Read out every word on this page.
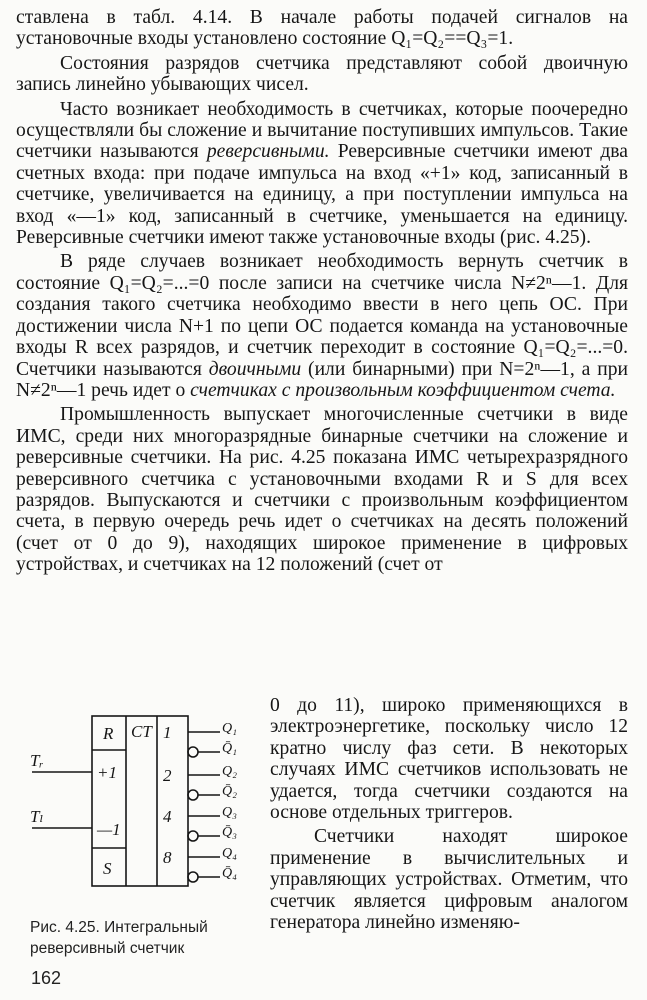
ставлена в табл. 4.14. В начале работы подачей сигналов на установочные входы установлено состояние Q₁=Q₂==Q₃=1.

Состояния разрядов счетчика представляют собой двоичную запись линейно убывающих чисел.

Часто возникает необходимость в счетчиках, которые поочередно осуществляли бы сложение и вычитание поступивших импульсов. Такие счетчики называются реверсивными. Реверсивные счетчики имеют два счетных входа: при подаче импульса на вход «+1» код, записанный в счетчике, увеличивается на единицу, а при поступлении импульса на вход «—1» код, записанный в счетчике, уменьшается на единицу. Реверсивные счетчики имеют также установочные входы (рис. 4.25).

В ряде случаев возникает необходимость вернуть счетчик в состояние Q₁=Q₂=...=0 после записи на счетчике числа N≠2ⁿ—1. Для создания такого счетчика необходимо ввести в него цепь ОС. При достижении числа N+1 по цепи ОС подается команда на установочные входы R всех разрядов, и счетчик переходит в состояние Q₁=Q₂=...=0. Счетчики называются двоичными (или бинарными) при N=2ⁿ—1, а при N≠2ⁿ—1 речь идет о счетчиках с произвольным коэффициентом счета.

Промышленность выпускает многочисленные счетчики в виде ИМС, среди них многоразрядные бинарные счетчики на сложение и реверсивные счетчики. На рис. 4.25 показана ИМС четырехразрядного реверсивного счетчика с установочными входами R и S для всех разрядов. Выпускаются и счетчики с произвольным коэффициентом счета, в первую очередь речь идет о счетчиках на десять положений (счет от 0 до 9), находящих широкое применение в цифровых устройствах, и счетчиках на 12 положений (счет от

R CT
+1
—1
S
Tᵣ
Tₗ
1
2
4
8
Q₁
Q̄₁
Q₂
Q̄₂
Q₃
Q̄₃
Q₄
Q̄₄
Рис. 4.25. Интегральный
реверсивный счетчик

0 до 11), широко применяющихся в электроэнергетике, поскольку число 12 кратно числу фаз сети. В некоторых случаях ИМС счетчиков использовать не удается, тогда счетчики создаются на основе отдельных триггеров.

Счетчики находят широкое применение в вычислительных и управляющих устройствах. Отметим, что счетчик является цифровым аналогом генератора линейно изменяю-

162
